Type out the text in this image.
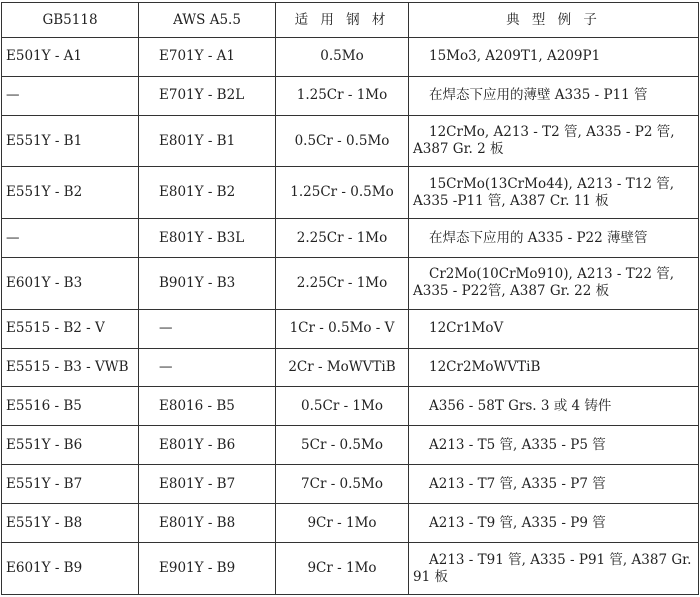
GB5118	AWS A5.5	适 用 钢 材	典 型 例 子
E501Y - A1	E701Y - A1	0.5Mo	15Mo3, A209T1, A209P1
—	E701Y - B2L	1.25Cr - 1Mo	在焊态下应用的薄壁 A335 - P11 管
E551Y - B1	E801Y - B1	0.5Cr - 0.5Mo	12CrMo, A213 - T2 管, A335 - P2 管, A387 Gr. 2 板
E551Y - B2	E801Y - B2	1.25Cr - 0.5Mo	15CrMo(13CrMo44), A213 - T12 管, A335 -P11 管, A387 Cr. 11 板
—	E801Y - B3L	2.25Cr - 1Mo	在焊态下应用的 A335 - P22 薄壁管
E601Y - B3	B901Y - B3	2.25Cr - 1Mo	Cr2Mo(10CrMo910), A213 - T22 管, A335 - P22管, A387 Gr. 22 板
E5515 - B2 - V	—	1Cr - 0.5Mo - V	12Cr1MoV
E5515 - B3 - VWB	—	2Cr - MoWVTiB	12Cr2MoWVTiB
E5516 - B5	E8016 - B5	0.5Cr - 1Mo	A356 - 58T Grs. 3 或 4 铸件
E551Y - B6	E801Y - B6	5Cr - 0.5Mo	A213 - T5 管, A335 - P5 管
E551Y - B7	E801Y - B7	7Cr - 0.5Mo	A213 - T7 管, A335 - P7 管
E551Y - B8	E801Y - B8	9Cr - 1Mo	A213 - T9 管, A335 - P9 管
E601Y - B9	E901Y - B9	9Cr - 1Mo	A213 - T91 管, A335 - P91 管, A387 Gr. 91 板
